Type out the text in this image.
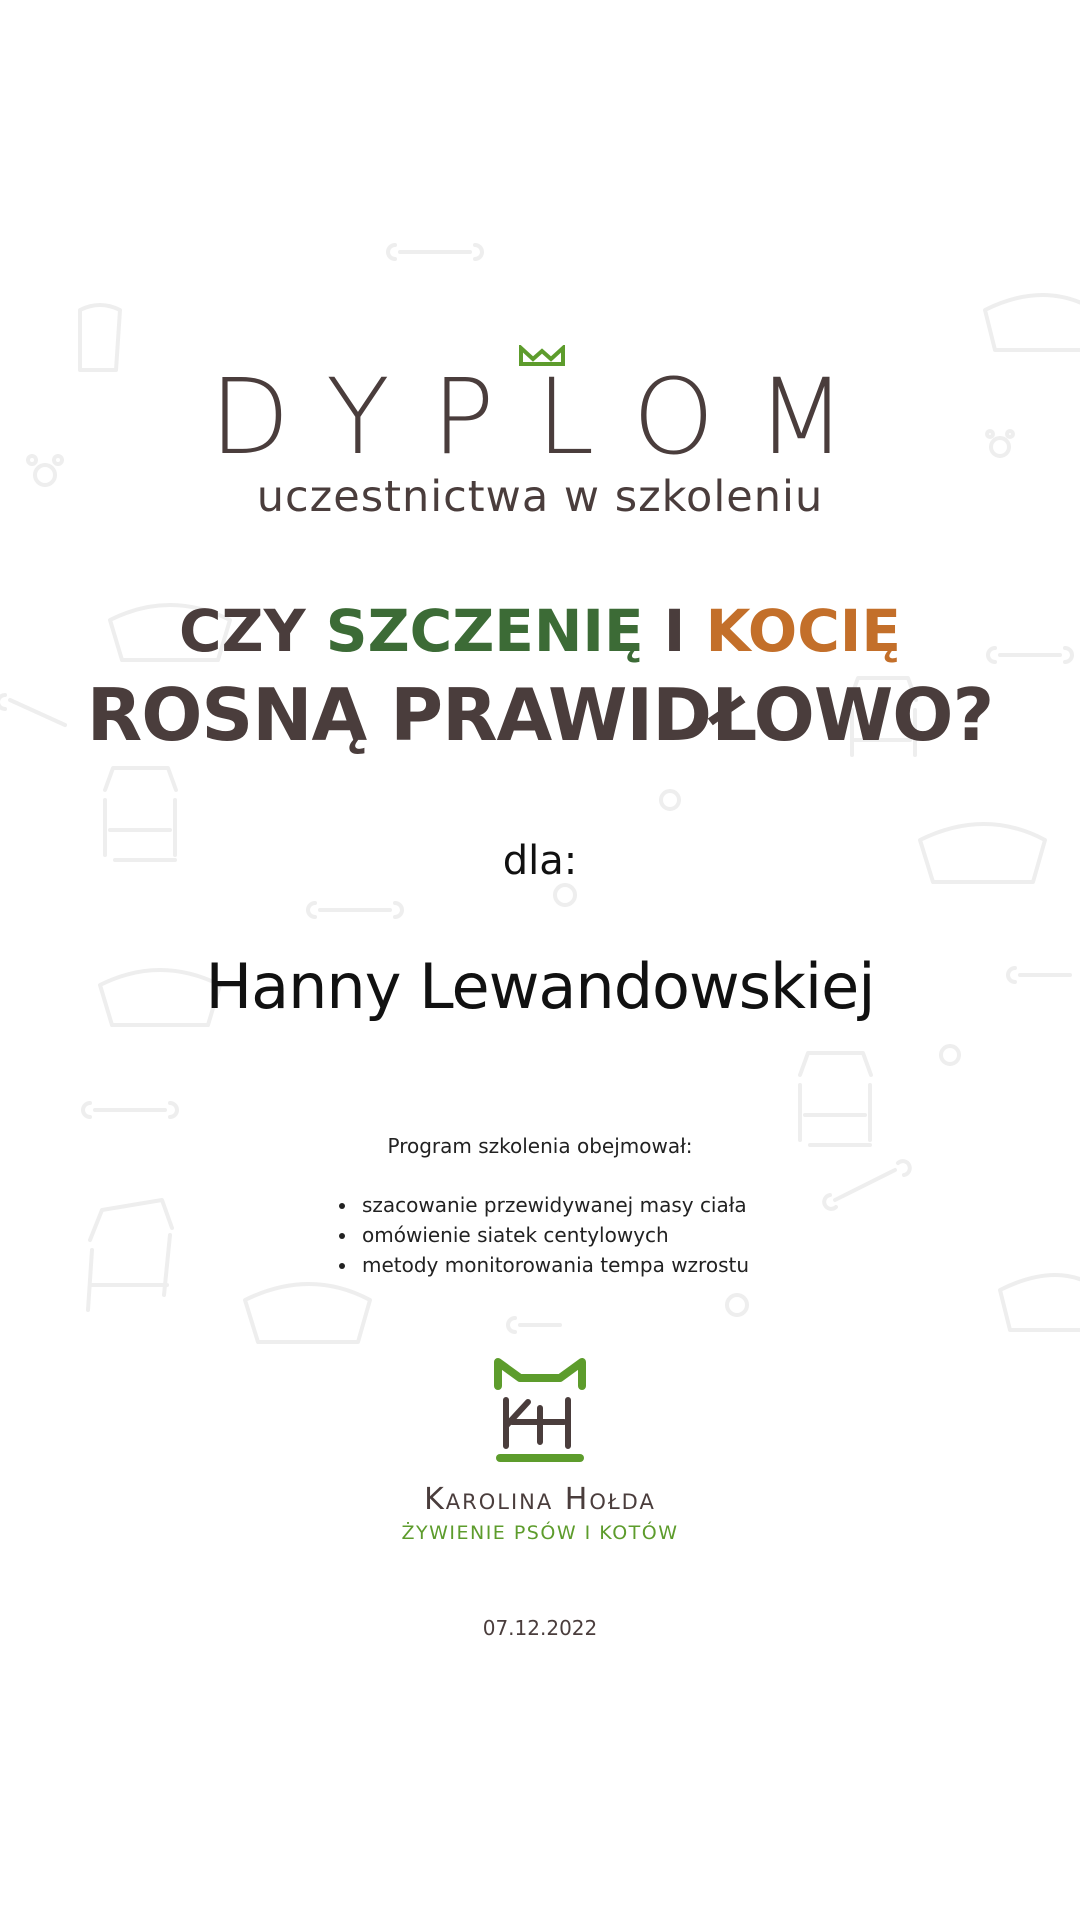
DYPLOM
uczestnictwa w szkoleniu
CZY SZCZENIĘ I KOCIĘ
ROSNĄ PRAWIDŁOWO?
dla:
Hanny Lewandowskiej
Program szkolenia obejmował:
• szacowanie przewidywanej masy ciała
• omówienie siatek centylowych
• metody monitorowania tempa wzrostu
Karolina Hołda
ŻYWIENIE PSÓW I KOTÓW
07.12.2022
